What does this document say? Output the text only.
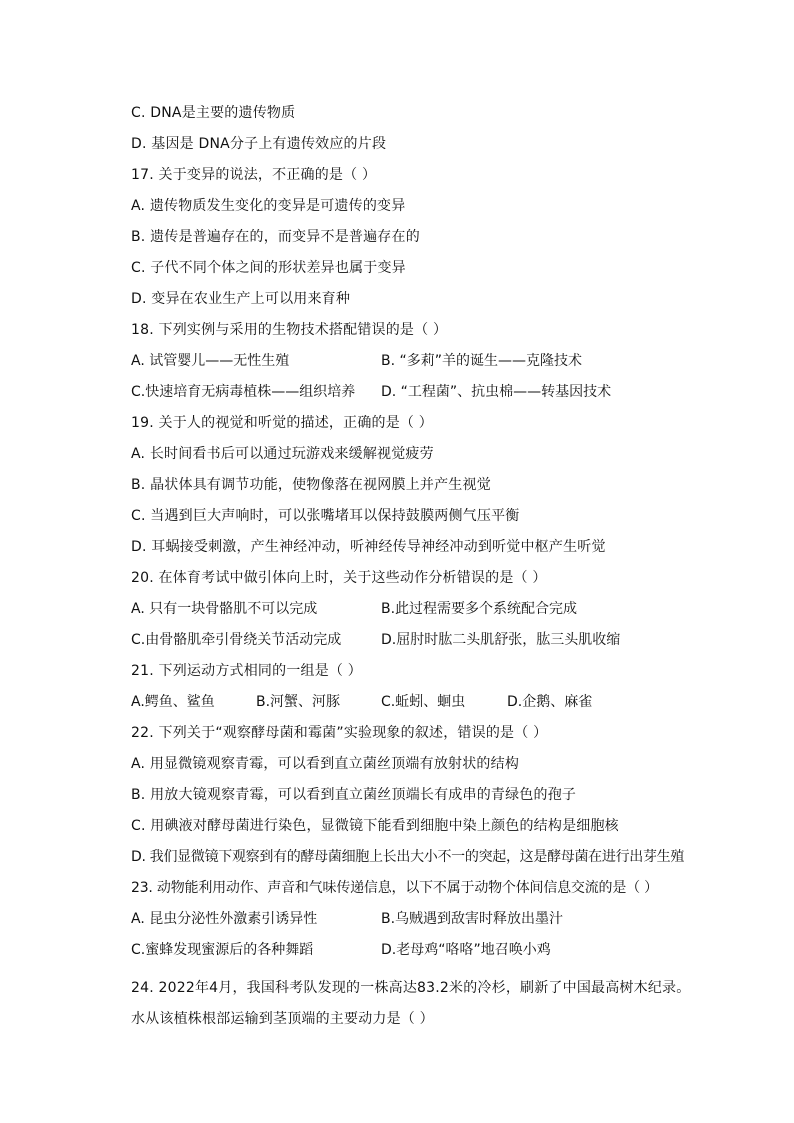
C. DNA是主要的遗传物质
D. 基因是 DNA分子上有遗传效应的片段
17. 关于变异的说法，不正确的是（ ）
A. 遗传物质发生变化的变异是可遗传的变异
B. 遗传是普遍存在的，而变异不是普遍存在的
C. 子代不同个体之间的形状差异也属于变异
D. 变异在农业生产上可以用来育种
18. 下列实例与采用的生物技术搭配错误的是（ ）
A. 试管婴儿——无性生殖	B. “多莉”羊的诞生——克隆技术
C.快速培育无病毒植株——组织培养 D. “工程菌”、抗虫棉——转基因技术
19. 关于人的视觉和听觉的描述，正确的是（ ）
A. 长时间看书后可以通过玩游戏来缓解视觉疲劳
B. 晶状体具有调节功能，使物像落在视网膜上并产生视觉
C. 当遇到巨大声响时，可以张嘴堵耳以保持鼓膜两侧气压平衡
D. 耳蜗接受刺激，产生神经冲动，听神经传导神经冲动到听觉中枢产生听觉
20. 在体育考试中做引体向上时，关于这些动作分析错误的是（ ）
A. 只有一块骨骼肌不可以完成	B.此过程需要多个系统配合完成
C.由骨骼肌牵引骨绕关节活动完成	D.屈肘时肱二头肌舒张，肱三头肌收缩
21. 下列运动方式相同的一组是（ ）
A.鳄鱼、鲨鱼	B.河蟹、河豚	C.蚯蚓、蛔虫	D.企鹅、麻雀
22. 下列关于“观察酵母菌和霉菌”实验现象的叙述，错误的是（ ）
A. 用显微镜观察青霉，可以看到直立菌丝顶端有放射状的结构
B. 用放大镜观察青霉，可以看到直立菌丝顶端长有成串的青绿色的孢子
C. 用碘液对酵母菌进行染色，显微镜下能看到细胞中染上颜色的结构是细胞核
D. 我们显微镜下观察到有的酵母菌细胞上长出大小不一的突起，这是酵母菌在进行出芽生殖
23. 动物能利用动作、声音和气味传递信息，以下不属于动物个体间信息交流的是（ ）
A. 昆虫分泌性外激素引诱异性	B.乌贼遇到敌害时释放出墨汁
C.蜜蜂发现蜜源后的各种舞蹈	D.老母鸡“咯咯”地召唤小鸡
24. 2022年4月，我国科考队发现的一株高达83.2米的冷杉，刷新了中国最高树木纪录。水从该植株根部运输到茎顶端的主要动力是（ ）
